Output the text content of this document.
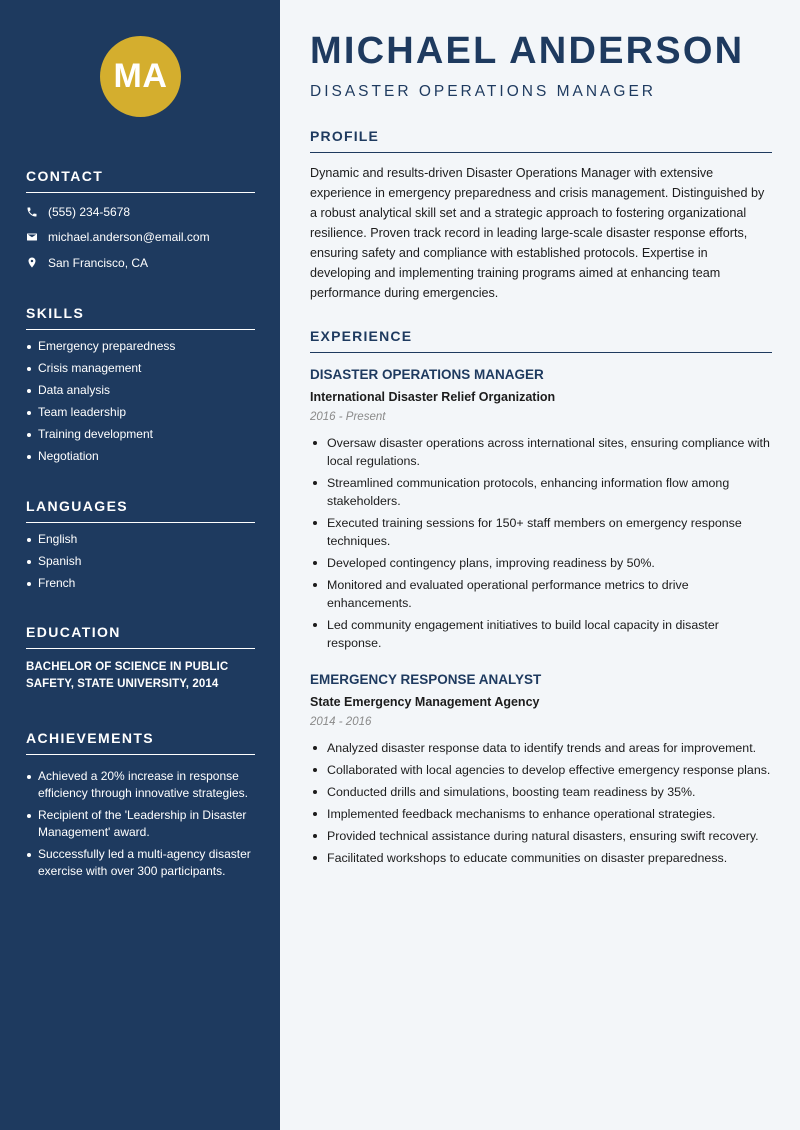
MA
CONTACT
(555) 234-5678
michael.anderson@email.com
San Francisco, CA
SKILLS
Emergency preparedness
Crisis management
Data analysis
Team leadership
Training development
Negotiation
LANGUAGES
English
Spanish
French
EDUCATION
BACHELOR OF SCIENCE IN PUBLIC SAFETY, STATE UNIVERSITY, 2014
ACHIEVEMENTS
Achieved a 20% increase in response efficiency through innovative strategies.
Recipient of the 'Leadership in Disaster Management' award.
Successfully led a multi-agency disaster exercise with over 300 participants.
MICHAEL ANDERSON
DISASTER OPERATIONS MANAGER
PROFILE
Dynamic and results-driven Disaster Operations Manager with extensive experience in emergency preparedness and crisis management. Distinguished by a robust analytical skill set and a strategic approach to fostering organizational resilience. Proven track record in leading large-scale disaster response efforts, ensuring safety and compliance with established protocols. Expertise in developing and implementing training programs aimed at enhancing team performance during emergencies.
EXPERIENCE
DISASTER OPERATIONS MANAGER
International Disaster Relief Organization
2016 - Present
Oversaw disaster operations across international sites, ensuring compliance with local regulations.
Streamlined communication protocols, enhancing information flow among stakeholders.
Executed training sessions for 150+ staff members on emergency response techniques.
Developed contingency plans, improving readiness by 50%.
Monitored and evaluated operational performance metrics to drive enhancements.
Led community engagement initiatives to build local capacity in disaster response.
EMERGENCY RESPONSE ANALYST
State Emergency Management Agency
2014 - 2016
Analyzed disaster response data to identify trends and areas for improvement.
Collaborated with local agencies to develop effective emergency response plans.
Conducted drills and simulations, boosting team readiness by 35%.
Implemented feedback mechanisms to enhance operational strategies.
Provided technical assistance during natural disasters, ensuring swift recovery.
Facilitated workshops to educate communities on disaster preparedness.
